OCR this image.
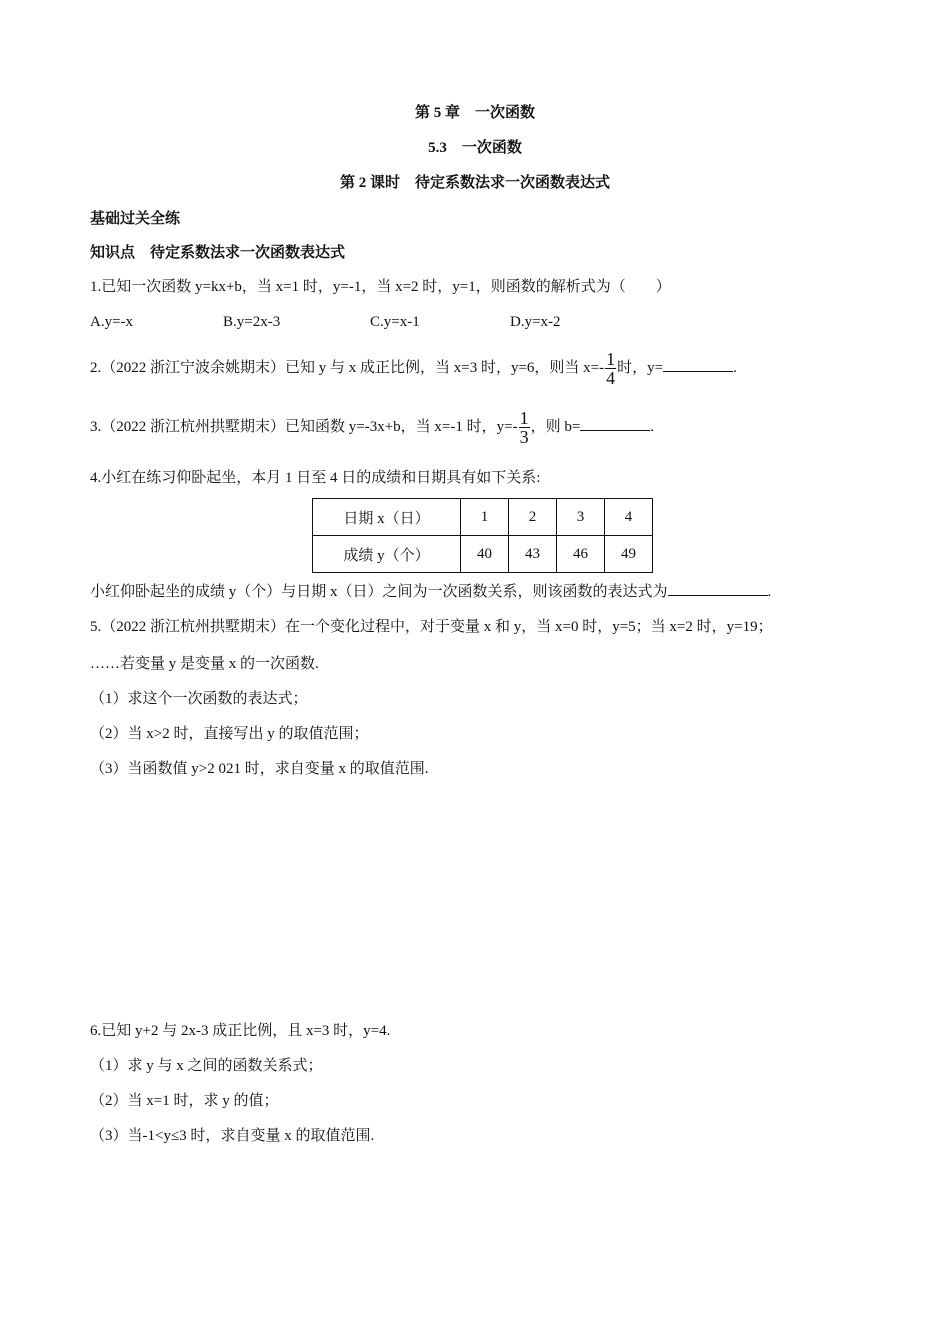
第 5 章　一次函数
5.3　一次函数
第 2 课时　待定系数法求一次函数表达式
基础过关全练
知识点　待定系数法求一次函数表达式
1.已知一次函数 y=kx+b，当 x=1 时，y=-1，当 x=2 时，y=1，则函数的解析式为（　　）
A.y=-x	B.y=2x-3	C.y=x-1	D.y=x-2
2.（2022 浙江宁波余姚期末）已知 y 与 x 成正比例，当 x=3 时，y=6，则当 $x=- \frac{1}{4}$ 时，y=	.
3.（2022 浙江杭州拱墅期末）已知函数 y=-3x+b，当 x=-1 时，$y=- \frac{1}{3}$ ，则 b=	.
4.小红在练习仰卧起坐，本月 1 日至 4 日的成绩和日期具有如下关系:
日期 x（日）	1	2	3	4
成绩 y（个）	40	43	46	49
小红仰卧起坐的成绩 y（个）与日期 x（日）之间为一次函数关系，则该函数的表达式为	.
5.（2022 浙江杭州拱墅期末）在一个变化过程中，对于变量 x 和 y，当 x=0 时，y=5；当 x=2 时，y=19；
……若变量 y 是变量 x 的一次函数.
（1）求这个一次函数的表达式；
（2）当 x>2 时，直接写出 y 的取值范围；
（3）当函数值 y>2 021 时，求自变量 x 的取值范围.
6.已知 y+2 与 2x-3 成正比例，且 x=3 时，y=4.
（1）求 y 与 x 之间的函数关系式；
（2）当 x=1 时，求 y 的值；
（3）当-1<y≤3 时，求自变量 x 的取值范围.
